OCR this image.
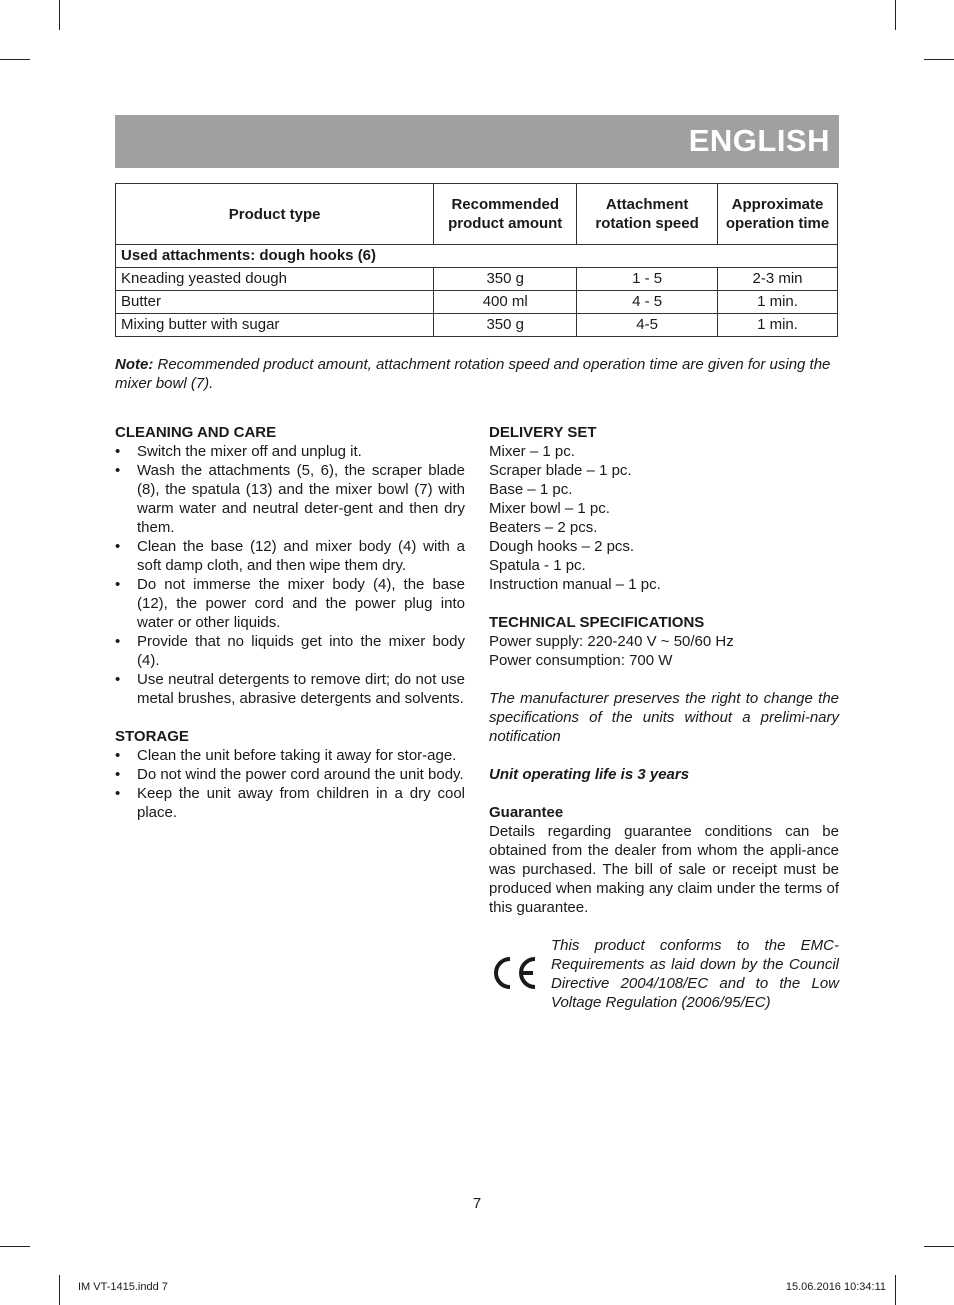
ENGLISH
Product type	Recommended product amount	Attachment rotation speed	Approximate operation time
Used attachments: dough hooks (6)			
Kneading yeasted dough	350 g	1 - 5	2-3 min
Butter	400 ml	4 - 5	1 min.
Mixing butter with sugar	350 g	4-5	1 min.
Note: Recommended product amount, attachment rotation speed and operation time are given for using the mixer bowl (7).

CLEANING AND CARE

• Switch the mixer off and unplug it.
• Wash the attachments (5, 6), the scraper blade (8), the spatula (13) and the mixer bowl (7) with warm water and neutral deter-gent and then dry them.
• Clean the base (12) and mixer body (4) with a soft damp cloth, and then wipe them dry.
• Do not immerse the mixer body (4), the base (12), the power cord and the power plug into water or other liquids.
• Provide that no liquids get into the mixer body (4).
• Use neutral detergents to remove dirt; do not use metal brushes, abrasive detergents and solvents.

STORAGE

• Clean the unit before taking it away for stor-age.
• Do not wind the power cord around the unit body.
• Keep the unit away from children in a dry cool place.

DELIVERY SET

Mixer – 1 pc.

Scraper blade – 1 pc.

Base – 1 pc.

Mixer bowl – 1 pc.

Beaters – 2 pcs.

Dough hooks – 2 pcs.

Spatula - 1 pc.

Instruction manual – 1 pc.

TECHNICAL SPECIFICATIONS

Power supply: 220-240 V ~ 50/60 Hz

Power consumption: 700 W

The manufacturer preserves the right to change the specifications of the units without a prelimi-nary notification

Unit operating life is 3 years

Guarantee

Details regarding guarantee conditions can be obtained from the dealer from whom the appli-ance was purchased. The bill of sale or receipt must be produced when making any claim under the terms of this guarantee.

This product conforms to the EMC-Requirements as laid down by the Council Directive 2004/108/EC and to the Low Voltage Regulation (2006/95/EC)
7
IM VT-1415.indd 7	15.06.2016 10:34:11
